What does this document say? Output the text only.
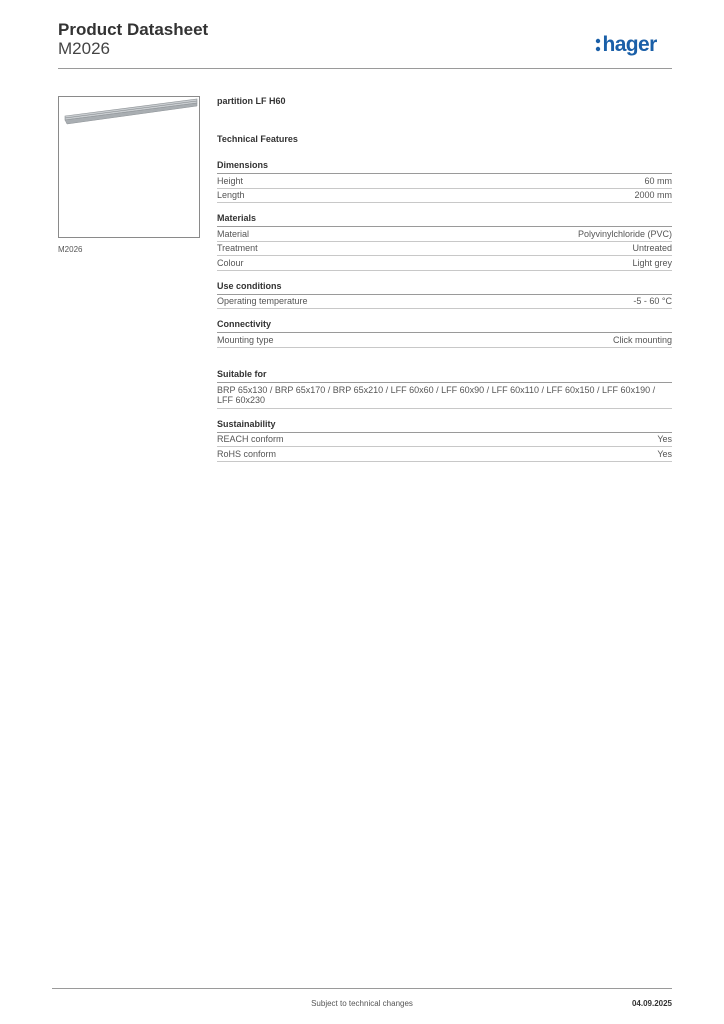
Product Datasheet
M2026	hager
M2026
partition LF H60
Technical Features
Dimensions
Height	60 mm
Length	2000 mm
Materials
Material	Polyvinylchloride (PVC)
Treatment	Untreated
Colour	Light grey
Use conditions
Operating temperature	-5 - 60 °C
Connectivity
Mounting type	Click mounting
Suitable for
BRP 65x130 / BRP 65x170 / BRP 65x210 / LFF 60x60 / LFF 60x90 / LFF 60x110 / LFF 60x150 / LFF 60x190 / LFF 60x230
Sustainability
REACH conform	Yes
RoHS conform	Yes
Subject to technical changes	04.09.2025
